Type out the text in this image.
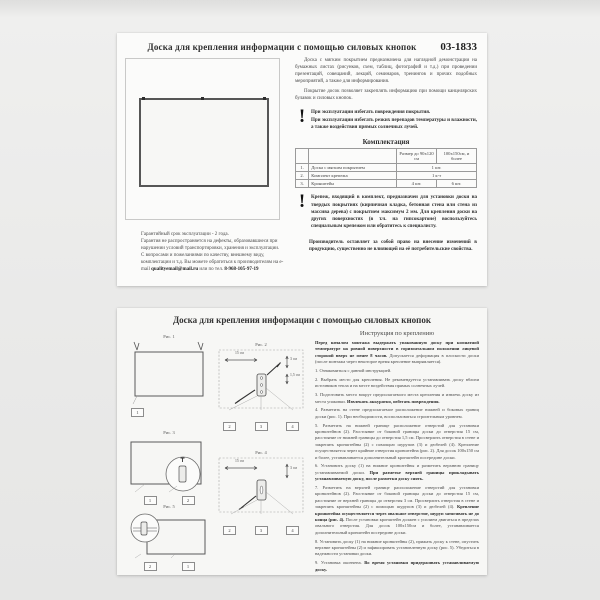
Доска для крепления информации с помощью силовых кнопок 03-1833
Гарантийный срок эксплуатации - 2 года.
Гарантия не распространяется на дефекты, образовавшиеся при нарушении условий транспортировки, хранения и эксплуатации.
С вопросами и пожеланиями по качеству, внешнему виду, комплектации и т.д. Вы можете обратиться к производителям на e-mail qualityemail@mail.ru или по тел. 8-968-105-97-19

Доска с мягким покрытием предназначена для наглядной демонстрации на бумажных листах (рисунков, схем, таблиц, фотографий и т.д.) при проведении презентаций, совещаний, лекций, семинаров, тренингов и прочих подобных мероприятий, а также для информирования.

Покрытие досок позволяет закреплять информацию при помощи канцелярских булавок и силовых кнопок.

!	При эксплуатации избегать повреждения покрытия.

При эксплуатации избегать резких перепадов температуры и влажности, а также воздействия прямых солнечных лучей.

Комплектация
		Размер до 90х120 см	100х150см, и более
1.	Доска с мягким покрытием	1 шт.	
2.	Комплект крепежа	1 к-т	
3.	Кронштейн	4 шт.	6 шт.
!	Крепеж, входящий в комплект, предназначен для установки доски на твердых покрытиях (кирпичная кладка, бетонная стена или стена из массива дерева) с покрытием максимум 2 мм. Для крепления доски на других поверхностях (в т.ч. на гипсокартоне) воспользуйтесь специальным крепежом или обратитесь к специалисту.

Производитель оставляет за собой право на внесение изменений в продукцию, существенно не влияющей на её потребительские свойства.

Доска для крепления информации с помощью силовых кнопок
Инструкция по креплению
Рис. 1
1
Рис. 2
15 см
3 см
1,5 см
2	3	4
Рис. 3
1	2
Рис. 4
15 см
3 см
2	3	4
Рис. 5
2	1

Перед началом монтажа выдержать упакованную доску при комнатной температуре на ровной поверхности в горизонтальном положении лицевой стороной вверх не менее 8 часов. Допускается деформация в плоскости доски (после монтажа через некоторое время крепление выпрямляется).

1. Ознакомиться с данной инструкцией.

2. Выбрать место для крепления. Не рекомендуется устанавливать доску вблизи источников тепла и на месте воздействия прямых солнечных лучей.

3. Подготовить место вокруг предполагаемого места крепления и извлечь доску из места упаковки. Извлекать аккуратно, избегать повреждения.

4. Разметить на стене предполагаемое расположение нижней и боковых границ доски (рис. 1). При необходимости, воспользоваться строительным уровнем.

5. Разметить на нижней границе расположение отверстий для установки кронштейнов (2). Расстояние от боковой границы доски до отверстия 15 см, расстояние от нижней границы до отверстия 1,5 см. Просверлить отверстия в стене и закрепить кронштейны (2) с помощью шурупов (3) и дюбелей (4). Крепление осуществляется через крайние отверстия кронштейна (рис. 2). Для досок 100х150 см и более, устанавливается дополнительный кронштейн посередине доски.

6. Установить доску (1) на нижние кронштейны и разметить верхнюю границу устанавливаемой доски. При разметке верхней границы прикладывать устанавливаемую доску, после разметки доску снять.

7. Разметить на верхней границе расположение отверстий для установки кронштейнов (2). Расстояние от боковой границы доски до отверстия 15 см, расстояние от верхней границы до отверстия 3 см. Просверлить отверстия в стене и закрепить кронштейны (2) с помощью шурупов (3) и дюбелей (4). Крепление кронштейна осуществляется через овальное отверстие, шуруп затягивать не до конца (рис. 4). После установки кронштейн должен с усилием двигаться в пределах овального отверстия. Для досок 100х150см и более, устанавливается дополнительный кронштейн посередине доски.

8. Установить доску (1) на нижние кронштейны (2), прижать доску к стене, опустить верхние кронштейны (2) и зафиксировать установленную доску (рис. 5). Убедиться в надежности установки доски.

9. Установка окончена. Во время установки придерживать устанавливаемую доску.
